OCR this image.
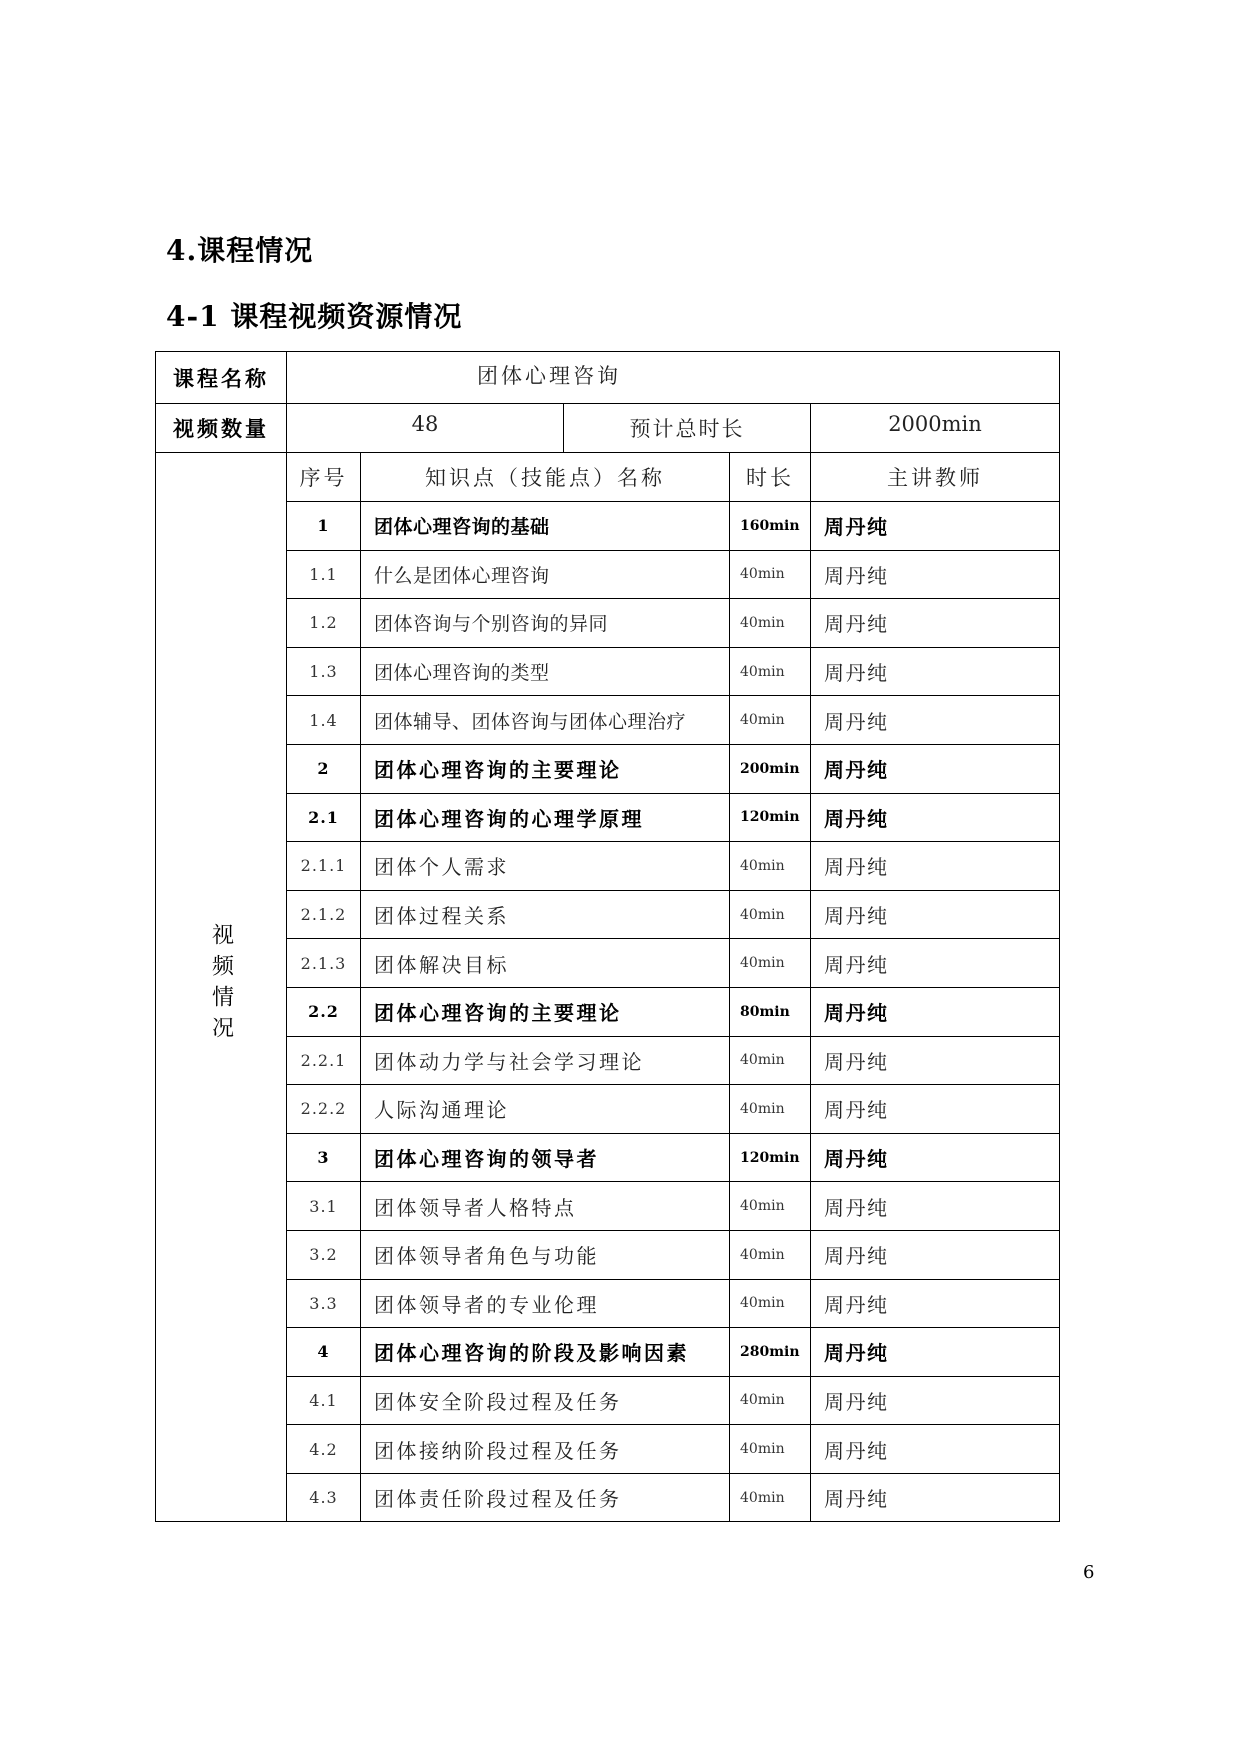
4.课程情况
4-1 课程视频资源情况
课程名称	团体心理咨询				
视频数量	48		预计总时长		2000min
视频情况	序号	知识点（技能点）名称		时长	主讲教师
	1	团体心理咨询的基础		160min	周丹纯
	1.1	什么是团体心理咨询		40min	周丹纯
	1.2	团体咨询与个别咨询的异同		40min	周丹纯
	1.3	团体心理咨询的类型		40min	周丹纯
	1.4	团体辅导、团体咨询与团体心理治疗		40min	周丹纯
	2	团体心理咨询的主要理论		200min	周丹纯
	2.1	团体心理咨询的心理学原理		120min	周丹纯
	2.1.1	团体个人需求		40min	周丹纯
	2.1.2	团体过程关系		40min	周丹纯
	2.1.3	团体解决目标		40min	周丹纯
	2.2	团体心理咨询的主要理论		80min	周丹纯
	2.2.1	团体动力学与社会学习理论		40min	周丹纯
	2.2.2	人际沟通理论		40min	周丹纯
	3	团体心理咨询的领导者		120min	周丹纯
	3.1	团体领导者人格特点		40min	周丹纯
	3.2	团体领导者角色与功能		40min	周丹纯
	3.3	团体领导者的专业伦理		40min	周丹纯
	4	团体心理咨询的阶段及影响因素		280min	周丹纯
	4.1	团体安全阶段过程及任务		40min	周丹纯
	4.2	团体接纳阶段过程及任务		40min	周丹纯
	4.3	团体责任阶段过程及任务		40min	周丹纯
6
